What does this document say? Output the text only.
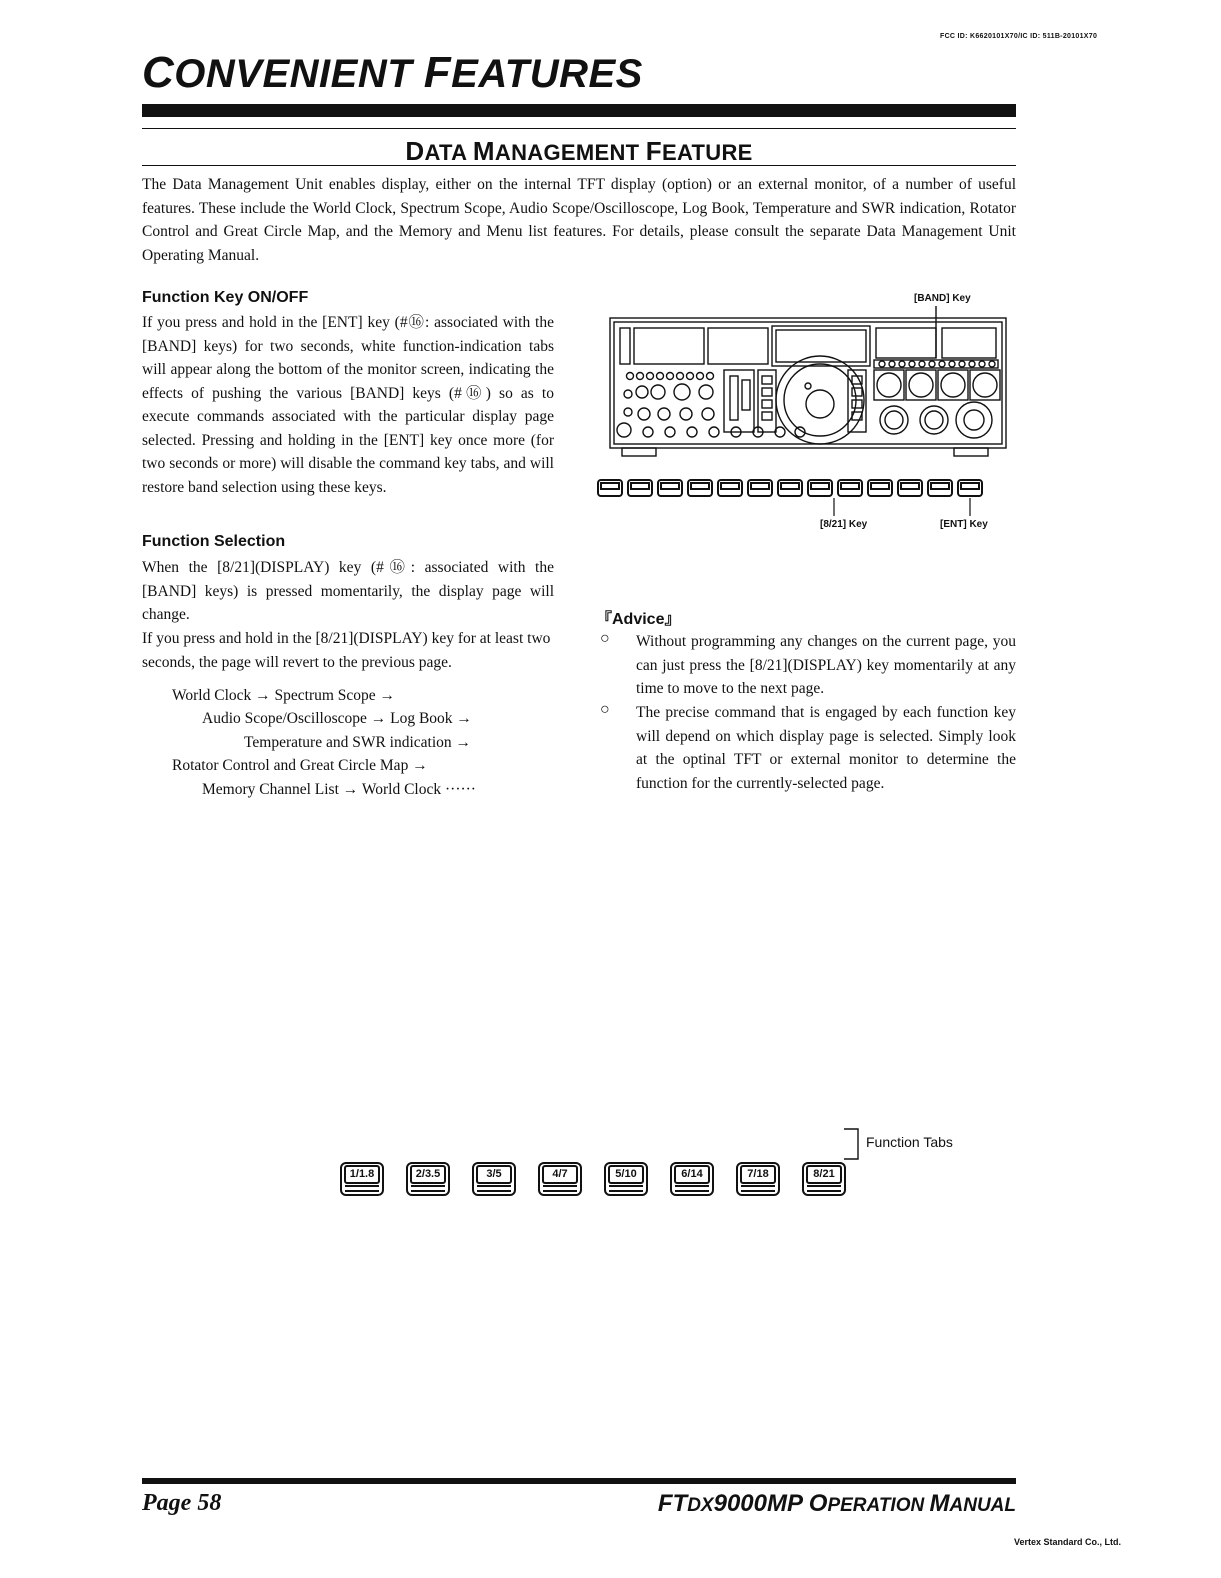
FCC ID: K6620101X70/IC ID: 511B-20101X70
CONVENIENT FEATURES
DATA MANAGEMENT FEATURE
The Data Management Unit enables display, either on the internal TFT display (option) or an external monitor, of a number of useful features. These include the World Clock, Spectrum Scope, Audio Scope/Oscilloscope, Log Book, Temperature and SWR indication, Rotator Control and Great Circle Map, and the Memory and Menu list features. For details, please consult the separate Data Management Unit Operating Manual.
Function Key ON/OFF
If you press and hold in the [ENT] key (#⑯: associated with the [BAND] keys) for two seconds, white function-indication tabs will appear along the bottom of the monitor screen, indicating the effects of pushing the various [BAND] keys (#⑯) so as to execute commands associated with the particular display page selected. Pressing and holding in the [ENT] key once more (for two seconds or more) will disable the command key tabs, and will restore band selection using these keys.
Function Selection
When the [8/21](DISPLAY) key (#⑯: associated with the [BAND] keys) is pressed momentarily, the display page will change.
If you press and hold in the [8/21](DISPLAY) key for at least two seconds, the page will revert to the previous page.
World Clock → Spectrum Scope →
Audio Scope/Oscilloscope → Log Book →
Temperature and SWR indication →
Rotator Control and Great Circle Map →
Memory Channel List → World Clock ······
[BAND] Key
[8/21] Key	[ENT] Key
『Advice』
○ Without programming any changes on the current page, you can just press the [8/21](DISPLAY) key momentarily at any time to move to the next page.
○ The precise command that is engaged by each function key will depend on which display page is selected. Simply look at the optinal TFT or external monitor to determine the function for the currently-selected page.
Function Tabs
1/1.8	2/3.5	3/5	4/7	5/10	6/14	7/18	8/21
Page 58	FTDX9000MP OPERATION MANUAL
Vertex Standard Co., Ltd.
